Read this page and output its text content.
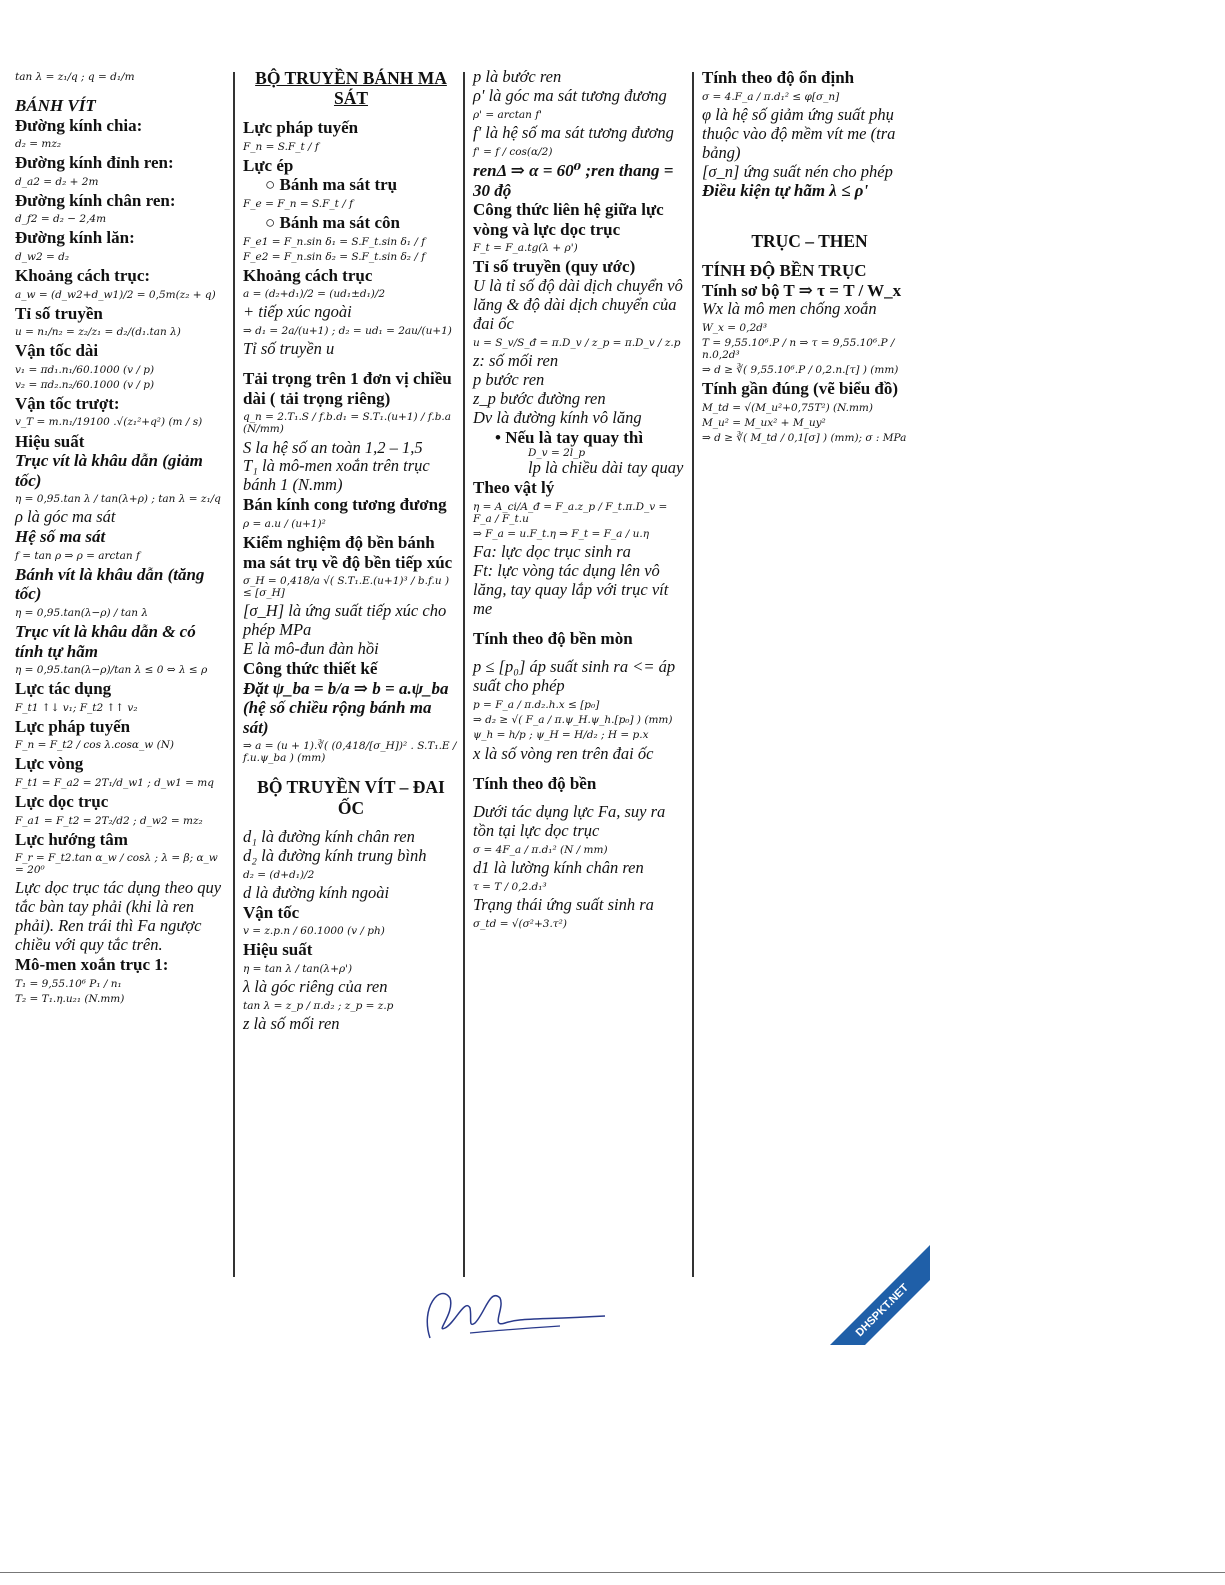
tan λ = z₁/q ; q = d₁/m
BÁNH VÍT
Đường kính chia:
d₂ = mz₂
Đường kính đỉnh ren:
d_a2 = d₂ + 2m
Đường kính chân ren:
d_f2 = d₂ − 2,4m
Đường kính lăn:
d_w2 = d₂
Khoảng cách trục:
a_w = (d_w2+d_w1)/2 = 0,5m(z₂ + q)
Tỉ số truyền
u = n₁/n₂ = z₂/z₁ = d₂/(d₁.tan λ)
Vận tốc dài
v₁ = πd₁.n₁/60.1000 (v / p)
v₂ = πd₂.n₂/60.1000 (v / p)
Vận tốc trượt:
v_T = m.n₁/19100 .√(z₁²+q²) (m / s)
Hiệu suất
Trục vít là khâu dẫn (giảm tốc)
η = 0,95.tan λ / tan(λ+ρ) ; tan λ = z₁/q
ρ là góc ma sát
Hệ số ma sát
f = tan ρ ⇒ ρ = arctan f
Bánh vít là khâu dẫn (tăng tốc)
η = 0,95.tan(λ−ρ) / tan λ
Trục vít là khâu dẫn & có tính tự hãm
η = 0,95.tan(λ−ρ)/tan λ ≤ 0 ⇔ λ ≤ ρ
Lực tác dụng
F_t1 ↑↓ v₁; F_t2 ↑↑ v₂
Lực pháp tuyến
F_n = F_t2 / cos λ.cosα_w (N)
Lực vòng
F_t1 = F_a2 = 2T₁/d_w1 ; d_w1 = mq
Lực dọc trục
F_a1 = F_t2 = 2T₂/d2 ; d_w2 = mz₂
Lực hướng tâm
F_r = F_t2.tan α_w / cosλ ; λ = β; α_w = 20⁰
Lực dọc trục tác dụng theo quy tắc bàn tay phải (khi là ren phải). Ren trái thì Fa ngược chiều với quy tắc trên.
Mô-men xoắn trục 1:
T₁ = 9,55.10⁶ P₁ / n₁
T₂ = T₁.η.u₂₁ (N.mm)
BỘ TRUYỀN BÁNH MA SÁT
Lực pháp tuyến
F_n = S.F_t / f
Lực ép
○ Bánh ma sát trụ
F_e = F_n = S.F_t / f
○ Bánh ma sát côn
F_e1 = F_n.sin δ₁ = S.F_t.sin δ₁ / f
F_e2 = F_n.sin δ₂ = S.F_t.sin δ₂ / f
Khoảng cách trục
a = (d₂+d₁)/2 = (ud₁±d₁)/2
+ tiếp xúc ngoài
⇒ d₁ = 2a/(u+1) ; d₂ = ud₁ = 2au/(u+1)
Tỉ số truyền u
Tải trọng trên 1 đơn vị chiều dài ( tải trọng riêng)
q_n = 2.T₁.S / f.b.d₁ = S.T₁.(u+1) / f.b.a (N/mm)
S la hệ số an toàn 1,2 – 1,5
T₁ là mô-men xoắn trên trục bánh 1 (N.mm)
Bán kính cong tương đương
ρ = a.u / (u+1)²
Kiểm nghiệm độ bền bánh ma sát trụ về độ bền tiếp xúc
σ_H = 0,418/a √( S.T₁.E.(u+1)³ / b.f.u ) ≤ [σ_H]
[σ_H] là ứng suất tiếp xúc cho phép MPa
E là mô-đun đàn hồi
Công thức thiết kế
Đặt ψ_ba = b/a ⇒ b = a.ψ_ba (hệ số chiều rộng bánh ma sát)
⇒ a = (u + 1).∛( (0,418/[σ_H])² . S.T₁.E / f.u.ψ_ba ) (mm)
BỘ TRUYỀN VÍT – ĐAI ỐC
d₁ là đường kính chân ren
d₂ là đường kính trung bình
d₂ = (d+d₁)/2
d là đường kính ngoài
Vận tốc
v = z.p.n / 60.1000 (v / ph)
Hiệu suất
η = tan λ / tan(λ+ρ')
λ là góc riêng của ren
tan λ = z_p / π.d₂ ; z_p = z.p
z là số mối ren
p là bước ren
ρ' là góc ma sát tương đương
ρ' = arctan f'
f' là hệ số ma sát tương đương
f' = f / cos(α/2)
renΔ ⇒ α = 60⁰ ;ren thang = 30 độ
Công thức liên hệ giữa lực vòng và lực dọc trục
F_t = F_a.tg(λ + ρ')
Tỉ số truyền (quy ước)
U là tỉ số độ dài dịch chuyển vô lăng & độ dài dịch chuyển của đai ốc
u = S_v/S_đ = π.D_v / z_p = π.D_v / z.p
z: số mối ren
p bước ren
z_p bước đường ren
Dv là đường kính vô lăng
• Nếu là tay quay thì
D_v = 2l_p
lp là chiều dài tay quay
Theo vật lý
η = A_ci/A_đ = F_a.z_p / F_t.π.D_v = F_a / F_t.u
⇒ F_a = u.F_t.η ⇒ F_t = F_a / u.η
Fa: lực dọc trục sinh ra
Ft: lực vòng tác dụng lên vô lăng, tay quay lắp với trục vít me
Tính theo độ bền mòn
p ≤ [p₀] áp suất sinh ra <= áp suất cho phép
p = F_a / π.d₂.h.x ≤ [p₀]
⇒ d₂ ≥ √( F_a / π.ψ_H.ψ_h.[p₀] ) (mm)
ψ_h = h/p ; ψ_H = H/d₂ ; H = p.x
x là số vòng ren trên đai ốc
Tính theo độ bền
Dưới tác dụng lực Fa, suy ra tồn tại lực dọc trục
σ = 4F_a / π.d₁² (N / mm)
d1 là lường kính chân ren
τ = T / 0,2.d₁³
Trạng thái ứng suất sinh ra
σ_td = √(σ²+3.τ²)
Tính theo độ ổn định
σ = 4.F_a / π.d₁² ≤ φ[σ_n]
φ là hệ số giảm ứng suất phụ thuộc vào độ mềm vít me (tra bảng)
[σ_n] ứng suất nén cho phép
Điều kiện tự hãm λ ≤ ρ'
TRỤC – THEN
TÍNH ĐỘ BỀN TRỤC
Tính sơ bộ T ⇒ τ = T / W_x
Wx là mô men chống xoắn
W_x = 0,2d³
T = 9,55.10⁶.P / n ⇒ τ = 9,55.10⁶.P / n.0,2d³
⇒ d ≥ ∛( 9,55.10⁶.P / 0,2.n.[τ] ) (mm)
Tính gần đúng (vẽ biểu đồ)
M_td = √(M_u²+0,75T²) (N.mm)
M_u² = M_ux² + M_uy²
⇒ d ≥ ∛( M_td / 0,1[σ] ) (mm); σ : MPa
DHSPKT.NET
